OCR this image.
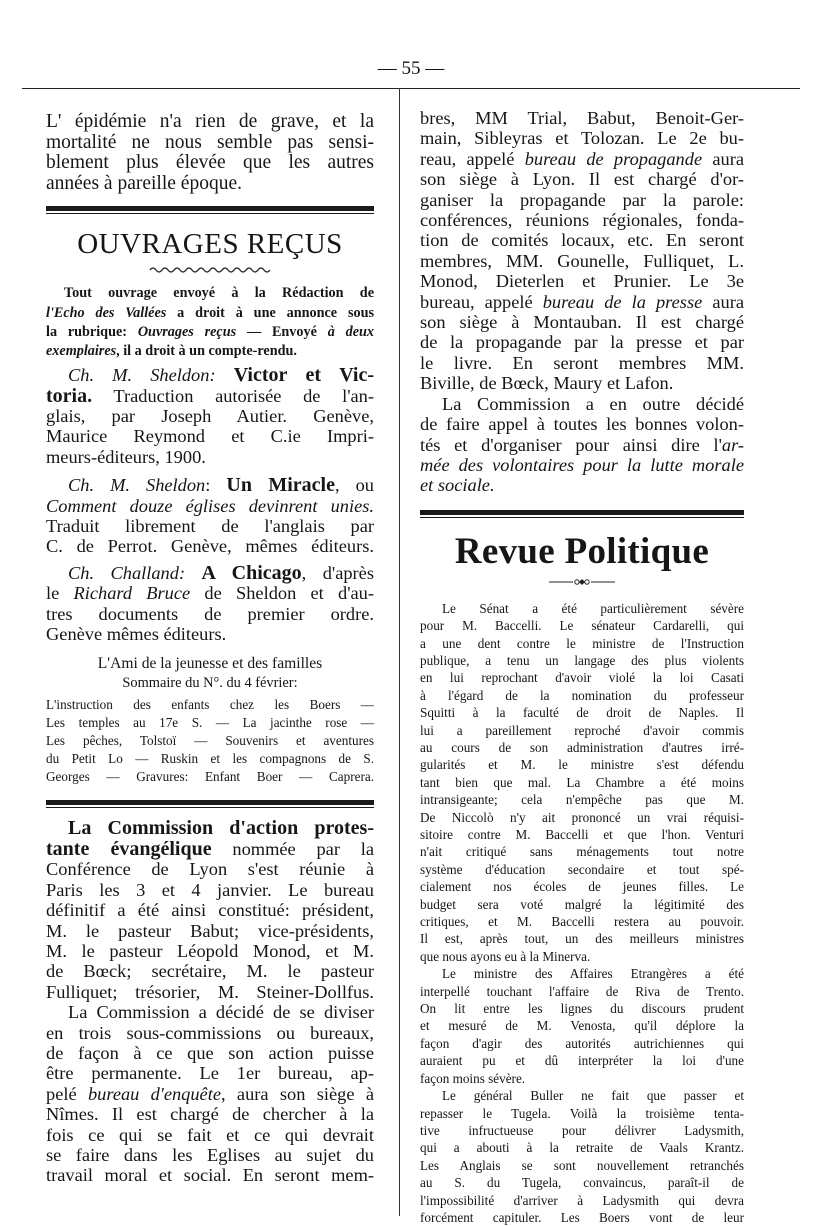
— 55 —

L' épidémie n'a rien de grave, et la

mortalité ne nous semble pas sensi-

blement plus élevée que les autres

années à pareille époque.

OUVRAGES REÇUS

Tout ouvrage envoyé à la Rédaction de

l'Echo des Vallées a droit à une annonce sous

la rubrique: Ouvrages reçus — Envoyé à deux

exemplaires, il a droit à un compte-rendu.

Ch. M. Sheldon: Victor et Vic-

toria. Traduction autorisée de l'an-

glais, par Joseph Autier. Genève,

Maurice Reymond et C.ie Impri-

meurs-éditeurs, 1900.

Ch. M. Sheldon: Un Miracle, ou

Comment douze églises devinrent unies.

Traduit librement de l'anglais par

C. de Perrot. Genève, mêmes éditeurs.

Ch. Challand: A Chicago, d'après

le Richard Bruce de Sheldon et d'au-

tres documents de premier ordre.

Genève mêmes éditeurs.

L'Ami de la jeunesse et des familles

Sommaire du N°. du 4 février:

L'instruction des enfants chez les Boers —

Les temples au 17e S. — La jacinthe rose —

Les pêches, Tolstoï — Souvenirs et aventures

du Petit Lo — Ruskin et les compagnons de S.

Georges — Gravures: Enfant Boer — Caprera.

La Commission d'action protes-

tante évangélique nommée par la

Conférence de Lyon s'est réunie à

Paris les 3 et 4 janvier. Le bureau

définitif a été ainsi constitué: président,

M. le pasteur Babut; vice-présidents,

M. le pasteur Léopold Monod, et M.

de Bœck; secrétaire, M. le pasteur

Fulliquet; trésorier, M. Steiner-Dollfus.

La Commission a décidé de se diviser

en trois sous-commissions ou bureaux,

de façon à ce que son action puisse

être permanente. Le 1er bureau, ap-

pelé bureau d'enquête, aura son siège à

Nîmes. Il est chargé de chercher à la

fois ce qui se fait et ce qui devrait

se faire dans les Eglises au sujet du

travail moral et social. En seront mem-

bres, MM Trial, Babut, Benoit-Ger-

main, Sibleyras et Tolozan. Le 2e bu-

reau, appelé bureau de propagande aura

son siège à Lyon. Il est chargé d'or-

ganiser la propagande par la parole:

conférences, réunions régionales, fonda-

tion de comités locaux, etc. En seront

membres, MM. Gounelle, Fulliquet, L.

Monod, Dieterlen et Prunier. Le 3e

bureau, appelé bureau de la presse aura

son siège à Montauban. Il est chargé

de la propagande par la presse et par

le livre. En seront membres MM.

Biville, de Bœck, Maury et Lafon.

La Commission a en outre décidé

de faire appel à toutes les bonnes volon-

tés et d'organiser pour ainsi dire l'ar-

mée des volontaires pour la lutte morale

et sociale.

Revue Politique

Le Sénat a été particulièrement sévère

pour M. Baccelli. Le sénateur Cardarelli, qui

a une dent contre le ministre de l'Instruction

publique, a tenu un langage des plus violents

en lui reprochant d'avoir violé la loi Casati

à l'égard de la nomination du professeur

Squitti à la faculté de droit de Naples. Il

lui a pareillement reproché d'avoir commis

au cours de son administration d'autres irré-

gularités et M. le ministre s'est défendu

tant bien que mal. La Chambre a été moins

intransigeante; cela n'empêche pas que M.

De Niccolò n'y ait prononcé un vrai réquisi-

sitoire contre M. Baccelli et que l'hon. Venturi

n'ait critiqué sans ménagements tout notre

système d'éducation secondaire et tout spé-

cialement nos écoles de jeunes filles. Le

budget sera voté malgré la légitimité des

critiques, et M. Baccelli restera au pouvoir.

Il est, après tout, un des meilleurs ministres

que nous ayons eu à la Minerva.

Le ministre des Affaires Etrangères a été

interpellé touchant l'affaire de Riva de Trento.

On lit entre les lignes du discours prudent

et mesuré de M. Venosta, qu'il déplore la

façon d'agir des autorités autrichiennes qui

auraient pu et dû interpréter la loi d'une

façon moins sévère.

Le général Buller ne fait que passer et

repasser le Tugela. Voilà la troisième tenta-

tive infructueuse pour délivrer Ladysmith,

qui a abouti à la retraite de Vaals Krantz.

Les Anglais se sont nouvellement retranchés

au S. du Tugela, convaincus, paraît-il de

l'impossibilité d'arriver à Ladysmith qui devra

forcément capituler. Les Boers vont de leur
